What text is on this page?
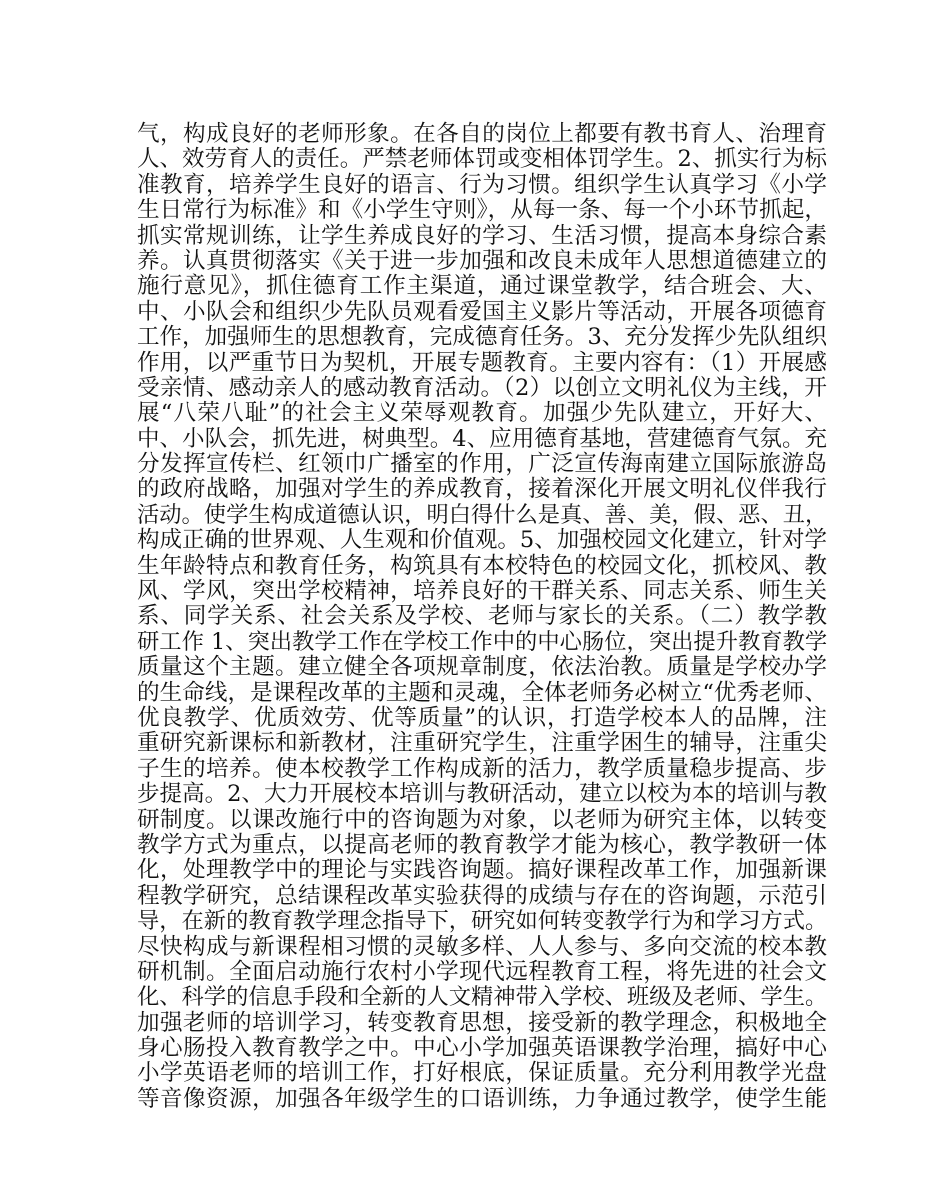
气，构成良好的老师形象。在各自的岗位上都要有教书育人、治理育
人、效劳育人的责任。严禁老师体罚或变相体罚学生。2、抓实行为标
准教育，培养学生良好的语言、行为习惯。组织学生认真学习《小学
生日常行为标准》和《小学生守则》，从每一条、每一个小环节抓起，
抓实常规训练，让学生养成良好的学习、生活习惯，提高本身综合素
养。认真贯彻落实《关于进一步加强和改良未成年人思想道德建立的
施行意见》，抓住德育工作主渠道，通过课堂教学，结合班会、大、
中、小队会和组织少先队员观看爱国主义影片等活动，开展各项德育
工作，加强师生的思想教育，完成德育任务。3、充分发挥少先队组织
作用，以严重节日为契机，开展专题教育。主要内容有：（1）开展感
受亲情、感动亲人的感动教育活动。（2）以创立文明礼仪为主线，开
展“八荣八耻”的社会主义荣辱观教育。加强少先队建立，开好大、
中、小队会，抓先进，树典型。4、应用德育基地，营建德育气氛。充
分发挥宣传栏、红领巾广播室的作用，广泛宣传海南建立国际旅游岛
的政府战略，加强对学生的养成教育，接着深化开展文明礼仪伴我行
活动。使学生构成道德认识，明白得什么是真、善、美，假、恶、丑，
构成正确的世界观、人生观和价值观。5、加强校园文化建立，针对学
生年龄特点和教育任务，构筑具有本校特色的校园文化，抓校风、教
风、学风，突出学校精神，培养良好的干群关系、同志关系、师生关
系、同学关系、社会关系及学校、老师与家长的关系。（二）教学教
研工作 1、突出教学工作在学校工作中的中心肠位，突出提升教育教学
质量这个主题。建立健全各项规章制度，依法治教。质量是学校办学
的生命线，是课程改革的主题和灵魂，全体老师务必树立“优秀老师、
优良教学、优质效劳、优等质量”的认识，打造学校本人的品牌，注
重研究新课标和新教材，注重研究学生，注重学困生的辅导，注重尖
子生的培养。使本校教学工作构成新的活力，教学质量稳步提高、步
步提高。2、大力开展校本培训与教研活动，建立以校为本的培训与教
研制度。以课改施行中的咨询题为对象，以老师为研究主体，以转变
教学方式为重点，以提高老师的教育教学才能为核心，教学教研一体
化，处理教学中的理论与实践咨询题。搞好课程改革工作，加强新课
程教学研究，总结课程改革实验获得的成绩与存在的咨询题，示范引
导，在新的教育教学理念指导下，研究如何转变教学行为和学习方式。
尽快构成与新课程相习惯的灵敏多样、人人参与、多向交流的校本教
研机制。全面启动施行农村小学现代远程教育工程，将先进的社会文
化、科学的信息手段和全新的人文精神带入学校、班级及老师、学生。
加强老师的培训学习，转变教育思想，接受新的教学理念，积极地全
身心肠投入教育教学之中。中心小学加强英语课教学治理，搞好中心
小学英语老师的培训工作，打好根底，保证质量。充分利用教学光盘
等音像资源，加强各年级学生的口语训练，力争通过教学，使学生能
